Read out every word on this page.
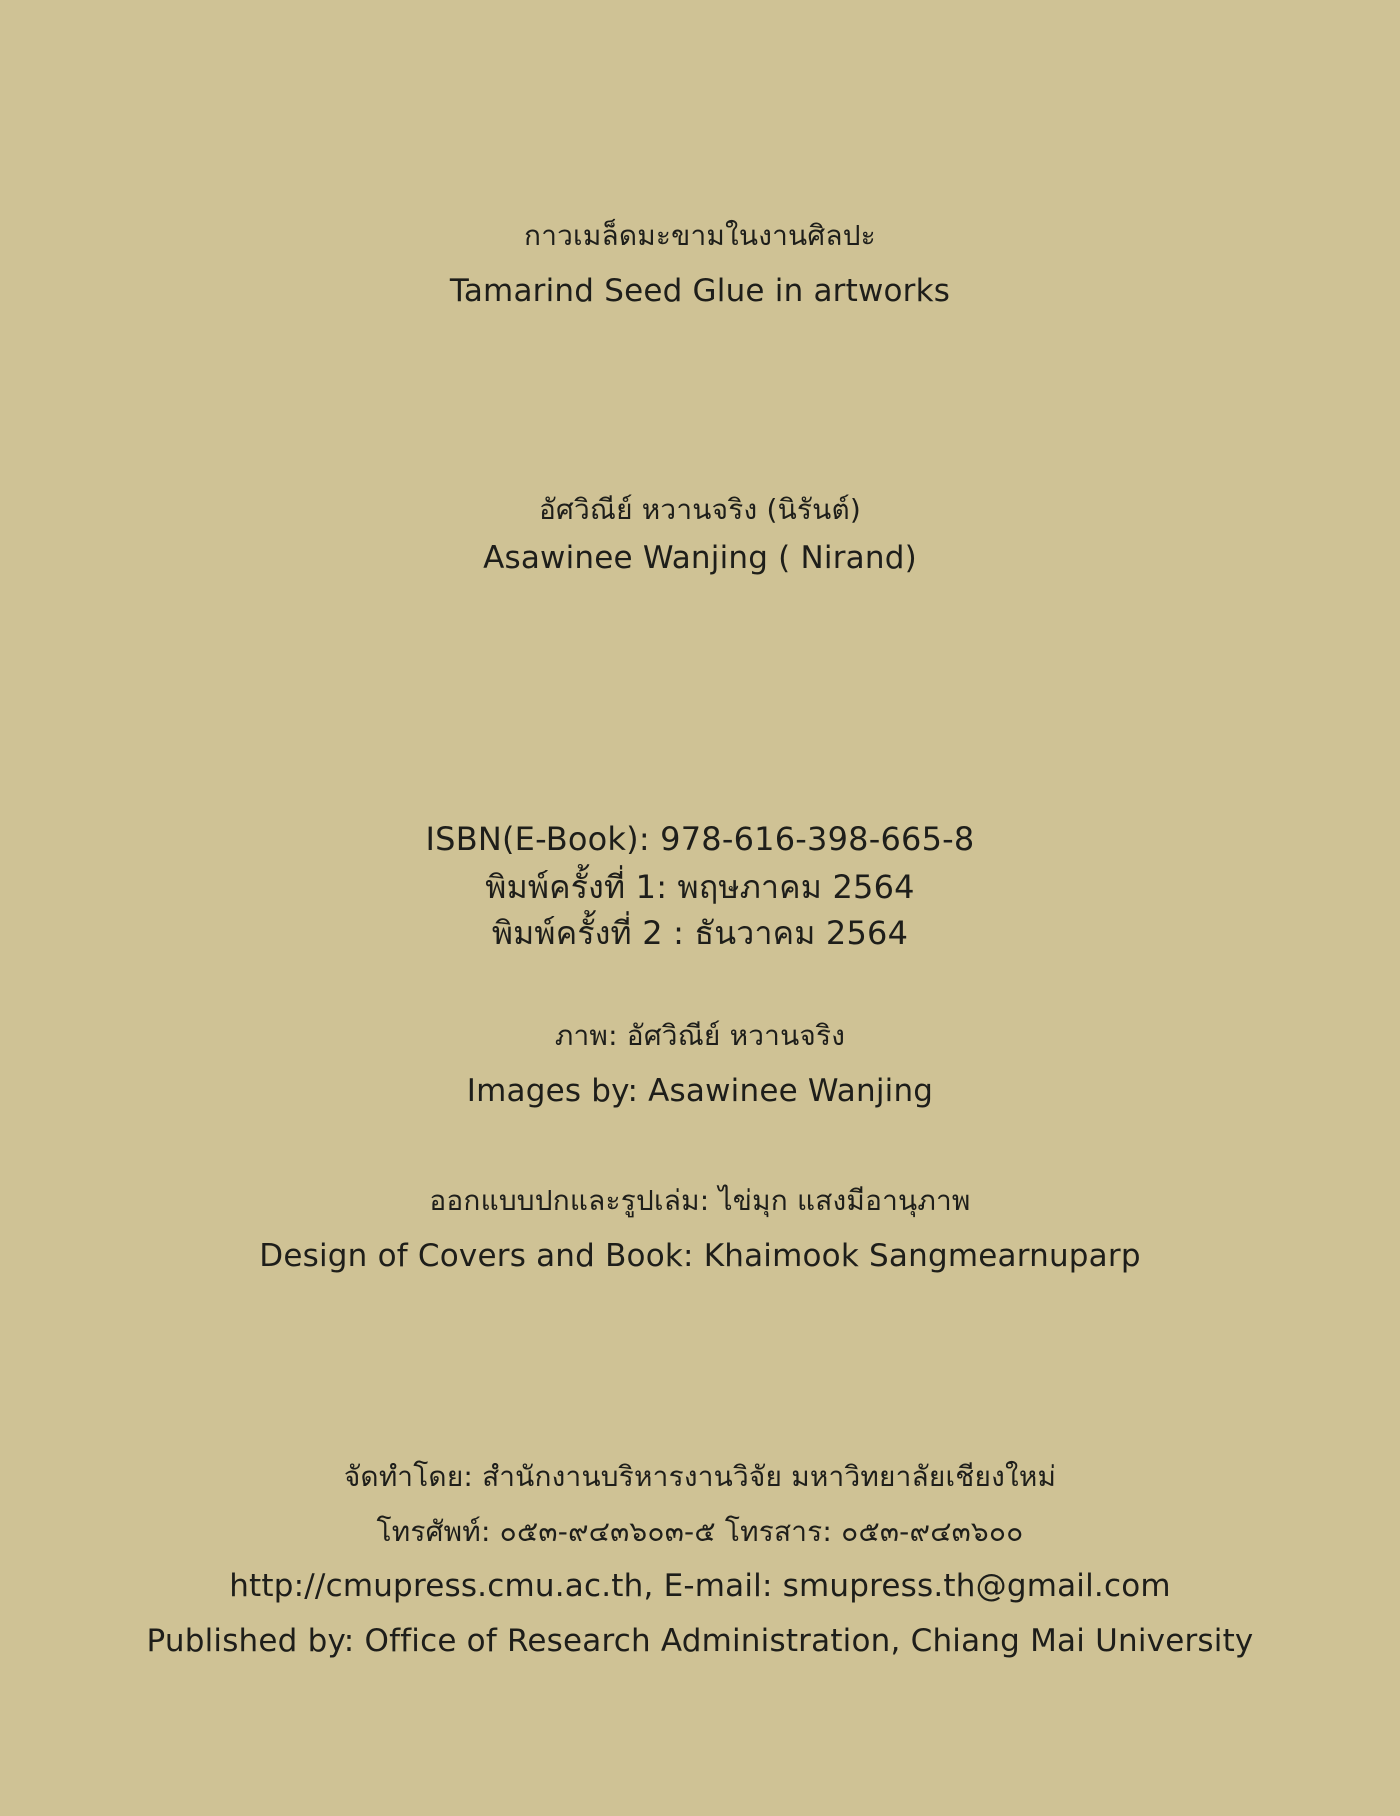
กาวเมล็ดมะขามในงานศิลปะ
Tamarind Seed Glue in artworks
อัศวิณีย์ หวานจริง (นิรันต์)
Asawinee Wanjing ( Nirand)
ISBN(E-Book): 978-616-398-665-8
พิมพ์ครั้งที่ 1: พฤษภาคม 2564
พิมพ์ครั้งที่ 2 : ธันวาคม 2564
ภาพ: อัศวิณีย์ หวานจริง
Images by: Asawinee Wanjing
ออกแบบปกและรูปเล่ม: ไข่มุก แสงมีอานุภาพ
Design of Covers and Book: Khaimook Sangmearnuparp
จัดทำโดย: สำนักงานบริหารงานวิจัย มหาวิทยาลัยเชียงใหม่
โทรศัพท์: ๐๕๓-๙๔๓๖๐๓-๕ โทรสาร: ๐๕๓-๙๔๓๖๐๐
http://cmupress.cmu.ac.th, E-mail: smupress.th@gmail.com
Published by: Office of Research Administration, Chiang Mai University
